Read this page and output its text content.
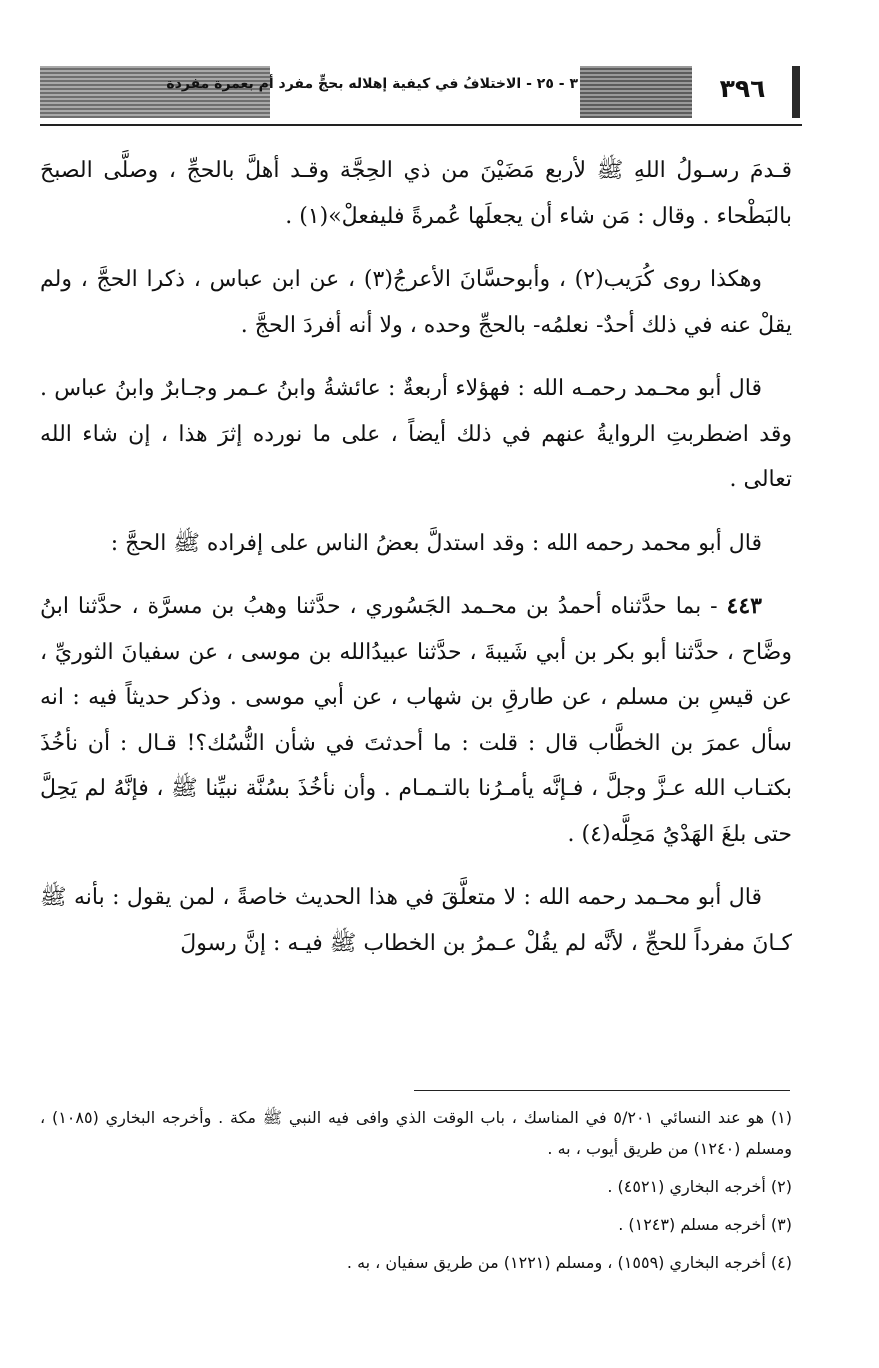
٣ - ٢٥ - الاختلافُ في كيفية إهلاله بحجٍّ مفرد أم بعمرة مفردة	٣٩٦

قـدمَ رسـولُ اللهِ ﷺ لأربع مَضَيْنَ من ذي الحِجَّة وقـد أهلَّ بالحجِّ ، وصلَّى الصبحَ بالبَطْحاء . وقال : مَن شاء أن يجعلَها عُمرةً فليفعلْ»(١) .

وهكذا روى كُرَيب(٢) ، وأبوحسَّانَ الأعرجُ(٣) ، عن ابن عباس ، ذكرا الحجَّ ، ولم يقلْ عنه في ذلك أحدٌ- نعلمُه- بالحجِّ وحده ، ولا أنه أفردَ الحجَّ .

قال أبو محـمد رحمـه الله : فهؤلاء أربعةٌ : عائشةُ وابنُ عـمر وجـابرٌ وابنُ عباس . وقد اضطربتِ الروايةُ عنهم في ذلك أيضاً ، على ما نورده إثرَ هذا ، إن شاء الله تعالى .

قال أبو محمد رحمه الله : وقد استدلَّ بعضُ الناس على إفراده ﷺ الحجَّ :

٤٤٣ - بما حدَّثناه أحمدُ بن محـمد الجَسُوري ، حدَّثنا وهبُ بن مسرَّة ، حدَّثنا ابنُ وضَّاح ، حدَّثنا أبو بكر بن أبي شَيبةَ ، حدَّثنا عبيدُالله بن موسى ، عن سفيانَ الثوريِّ ، عن قيسِ بن مسلم ، عن طارقِ بن شهاب ، عن أبي موسى . وذكر حديثاً فيه : انه سأل عمرَ بن الخطَّاب قال : قلت : ما أحدثتَ في شأن النُّسُك؟! قـال : أن نأخُذَ بكتـاب الله عـزَّ وجلَّ ، فـإنَّه يأمـرُنا بالتـمـام . وأن نأخُذَ بسُنَّة نبيِّنا ﷺ ، فإنَّهُ لم يَحِلَّ حتى بلغَ الهَدْيُ مَحِلَّه(٤) .

قال أبو محـمد رحمه الله : لا متعلَّقَ في هذا الحديث خاصةً ، لمن يقول : بأنه ﷺ كـانَ مفرداً للحجِّ ، لأنَّه لم يقُلْ عـمرُ بن الخطاب ﷺ فيـه : إنَّ رسولَ

(١) هو عند النسائي ٥/٢٠١ في المناسك ، باب الوقت الذي وافى فيه النبي ﷺ مكة . وأخرجه البخاري (١٠٨٥) ، ومسلم (١٢٤٠) من طريق أيوب ، به .

(٢) أخرجه البخاري (٤٥٢١) .

(٣) أخرجه مسلم (١٢٤٣) .

(٤) أخرجه البخاري (١٥٥٩) ، ومسلم (١٢٢١) من طريق سفيان ، به .
